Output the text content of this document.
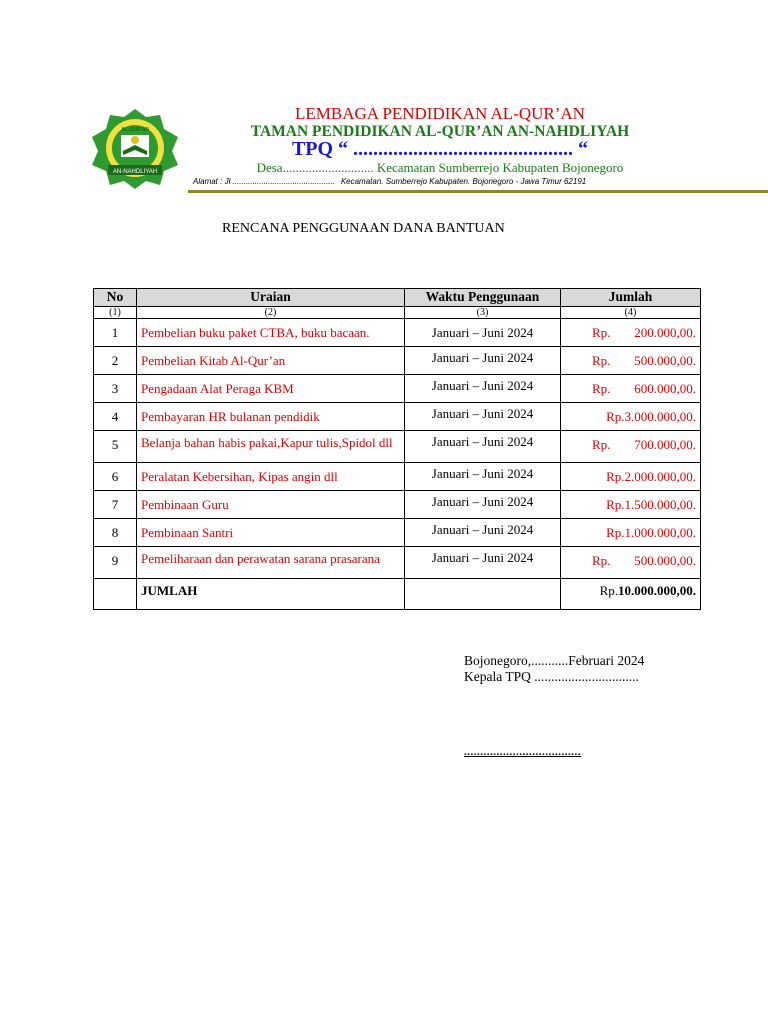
AN-NAHDLIYAH
AL-QUR'AN
LEMBAGA PENDIDIKAN AL-QUR’AN
TAMAN PENDIDIKAN AL-QUR’AN AN-NAHDLIYAH
TPQ “ ............................................ “
Desa............................ Kecamatan Sumberrejo Kabupaten Bojonegoro
Alamat : Jl .............................................. Kecamatan. Sumberrejo Kabupaten. Bojonegoro - Jawa Timur 62191
RENCANA PENGGUNAAN DANA BANTUAN
No	Uraian	Waktu Penggunaan	Jumlah
(1)	(2)	(3)	(4)
1	Pembelian buku paket CTBA, buku bacaan.	Januari – Juni 2024	Rp. 200.000,00.
2	Pembelian Kitab Al-Qur’an	Januari – Juni 2024	Rp. 500.000,00.
3	Pengadaan Alat Peraga KBM	Januari – Juni 2024	Rp. 600.000,00.
4	Pembayaran HR bulanan pendidik	Januari – Juni 2024	Rp.3.000.000,00.
5	Belanja bahan habis pakai,Kapur tulis,Spidol dll	Januari – Juni 2024	Rp. 700.000,00.
6	Peralatan Kebersihan, Kipas angin dll	Januari – Juni 2024	Rp.2.000.000,00.
7	Pembinaan Guru	Januari – Juni 2024	Rp.1.500.000,00.
8	Pembinaan Santri	Januari – Juni 2024	Rp.1.000.000,00.
9	Pemeliharaan dan perawatan sarana prasarana	Januari – Juni 2024	Rp. 500.000,00.
	JUMLAH		Rp.10.000.000,00.
Bojonegoro,...........Februari 2024
Kepala TPQ ...............................
....................................
